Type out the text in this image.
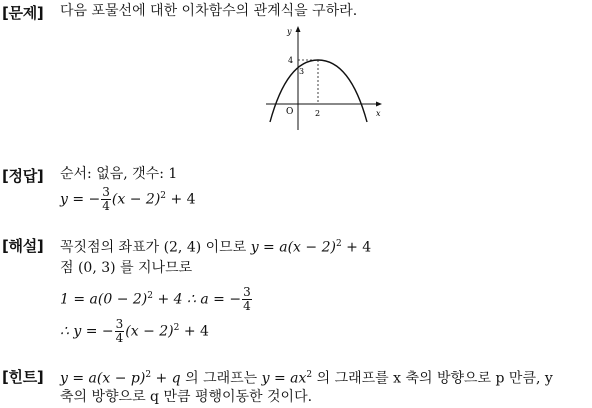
[문제] 다음 포물선에 대한 이차함수의 관계식을 구하라.
y
x
O
4
3
2
[정답] 순서: 없음, 갯수: 1
y = − $\frac{3}{4} (x - 2)^2 + 4$
[해설] 꼭짓점의 좌표가 (2, 4) 이므로 $y = a(x - 2)^2 + 4$
점 (0, 3) 를 지나므로
$1 = a(0 - 2)^2 + 4$ ∴ a = − $\frac{3}{4}$
∴ y = − $\frac{3}{4} (x - 2)^2 + 4$
[힌트] $y = a(x - p)^2 + q$ 의 그래프는 $y = ax^2$ 의 그래프를 x 축의 방향으로 p 만큼, y
축의 방향으로 q 만큼 평행이동한 것이다.
